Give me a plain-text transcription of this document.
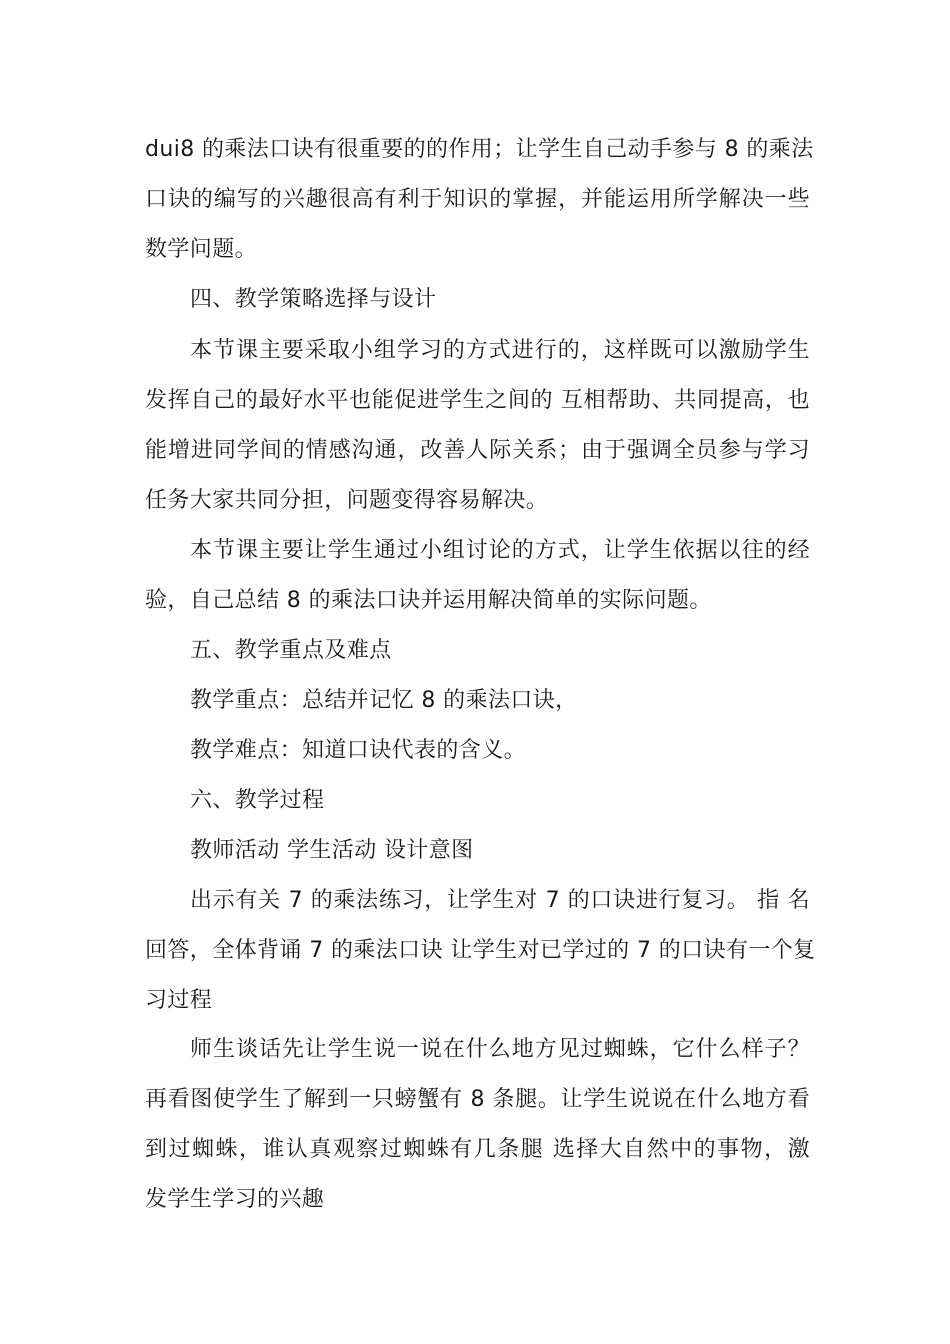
dui8 的乘法口诀有很重要的的作用；让学生自己动手参与 8 的乘法
口诀的编写的兴趣很高有利于知识的掌握，并能运用所学解决一些
数学问题。
四、教学策略选择与设计
本节课主要采取小组学习的方式进行的，这样既可以激励学生
发挥自己的最好水平也能促进学生之间的 互相帮助、共同提高，也
能增进同学间的情感沟通，改善人际关系；由于强调全员参与学习
任务大家共同分担，问题变得容易解决。
本节课主要让学生通过小组讨论的方式，让学生依据以往的经
验，自己总结 8 的乘法口诀并运用解决简单的实际问题。
五、教学重点及难点
教学重点：总结并记忆 8 的乘法口诀，
教学难点：知道口诀代表的含义。
六、教学过程
教师活动 学生活动 设计意图
出示有关 7 的乘法练习，让学生对 7 的口诀进行复习。 指 名
回答，全体背诵 7 的乘法口诀 让学生对已学过的 7 的口诀有一个复
习过程
师生谈话先让学生说一说在什么地方见过蜘蛛，它什么样子？
再看图使学生了解到一只螃蟹有 8 条腿。让学生说说在什么地方看
到过蜘蛛，谁认真观察过蜘蛛有几条腿 选择大自然中的事物，激
发学生学习的兴趣
